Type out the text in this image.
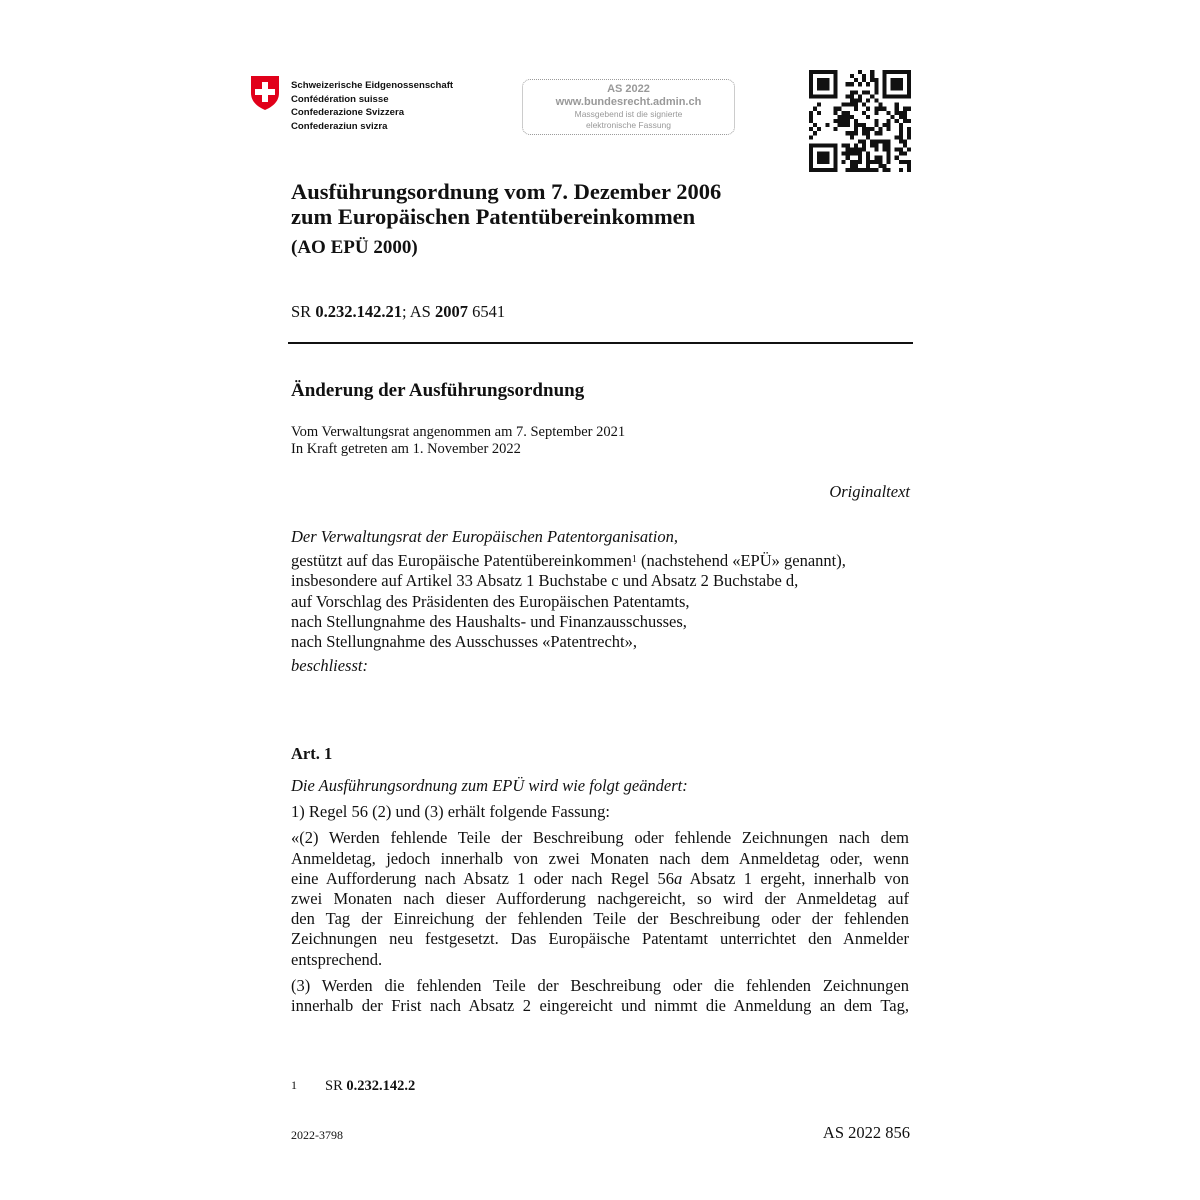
Schweizerische Eidgenossenschaft
Confédération suisse
Confederazione Svizzera
Confederaziun svizra
AS 2022
www.bundesrecht.admin.ch
Massgebend ist die signierte
elektronische Fassung
Ausführungsordnung vom 7. Dezember 2006
zum Europäischen Patentübereinkommen
(AO EPÜ 2000)
SR 0.232.142.21; AS 2007 6541
Änderung der Ausführungsordnung
Vom Verwaltungsrat angenommen am 7. September 2021
In Kraft getreten am 1. November 2022
Originaltext
Der Verwaltungsrat der Europäischen Patentorganisation,
gestützt auf das Europäische Patentübereinkommen$^1$ (nachstehend «EPÜ» genannt),
insbesondere auf Artikel 33 Absatz 1 Buchstabe c und Absatz 2 Buchstabe d,
auf Vorschlag des Präsidenten des Europäischen Patentamts,
nach Stellungnahme des Haushalts- und Finanzausschusses,
nach Stellungnahme des Ausschusses «Patentrecht»,
beschliesst:
Art. 1

Die Ausführungsordnung zum EPÜ wird wie folgt geändert:

1) Regel 56 (2) und (3) erhält folgende Fassung:

«(2) Werden fehlende Teile der Beschreibung oder fehlende Zeichnungen nach dem
Anmeldetag, jedoch innerhalb von zwei Monaten nach dem Anmeldetag oder, wenn
eine Aufforderung nach Absatz 1 oder nach Regel 56a Absatz 1 ergeht, innerhalb von
zwei Monaten nach dieser Aufforderung nachgereicht, so wird der Anmeldetag auf
den Tag der Einreichung der fehlenden Teile der Beschreibung oder der fehlenden
Zeichnungen neu festgesetzt. Das Europäische Patentamt unterrichtet den Anmelder
entsprechend.

(3) Werden die fehlenden Teile der Beschreibung oder die fehlenden Zeichnungen
innerhalb der Frist nach Absatz 2 eingereicht und nimmt die Anmeldung an dem Tag,

1 SR 0.232.142.2
2022-3798	AS 2022 856
